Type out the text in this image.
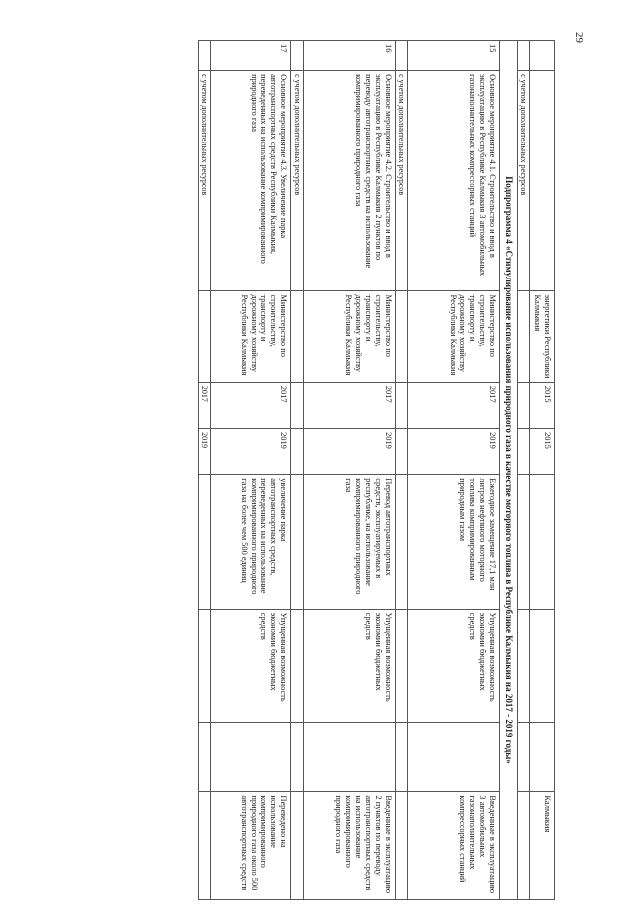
29
		энергетики Республики Калмыкия	2015	2015				Калмыкия
	с учетом дополнительных ресурсов							
Подпрограмма 4 «Стимулирование использования природного газа в качестве моторного топлива в Республике Калмыкия на 2017 - 2019 годы»								
15	Основное мероприятие 4.1. Строительство и ввод в эксплуатацию в Республике Калмыкия 3 автомобильных газонаполнительных компрессорных станций	Министерство по строительству, транспорту и дорожному хозяйству Республики Калмыкия	2017	2019	Ежегодное замещение 17,1 млн литров нефтяного моторного топлива компримированным природным газом	Упущенная возможность экономии бюджетных средств		Введенные в эксплуатацию 3 автомобильных газонаполнительных компрессорных станций
	с учетом дополнительных ресурсов							
16	Основное мероприятие 4.2. Строительство и ввод в эксплуатацию в Республике Калмыкия 2 пунктов по переводу автотранспортных средств на использование компримированного природного газа	Министерство по строительству, транспорту и дорожному хозяйству Республики Калмыкия	2017	2019	Перевод автотранспортных средств, эксплуатируемых в республике, на использование компримированного природного газа	Упущенная возможность экономии бюджетных средств		Введенные в эксплуатацию 2 пунктов по переводу автотранспортных средств на использование компримированного природного газа
	с учетом дополнительных ресурсов							
17	Основное мероприятие 4.3. Увеличение парка автотранспортных средств Республики Калмыкия, переведенных на использование компримированного природного газа	Министерство по строительству, транспорту и дорожному хозяйству Республики Калмыкия	2017	2019	увеличение парка автотранспортных средств, переведенных на использование компримированного природного газа на более чем 500 единиц	Упущенная возможность экономии бюджетных средств		Переведено на использование компримированного природного газа около 500 автотранспортных средств
	с учетом дополнительных ресурсов		2017	2019				
